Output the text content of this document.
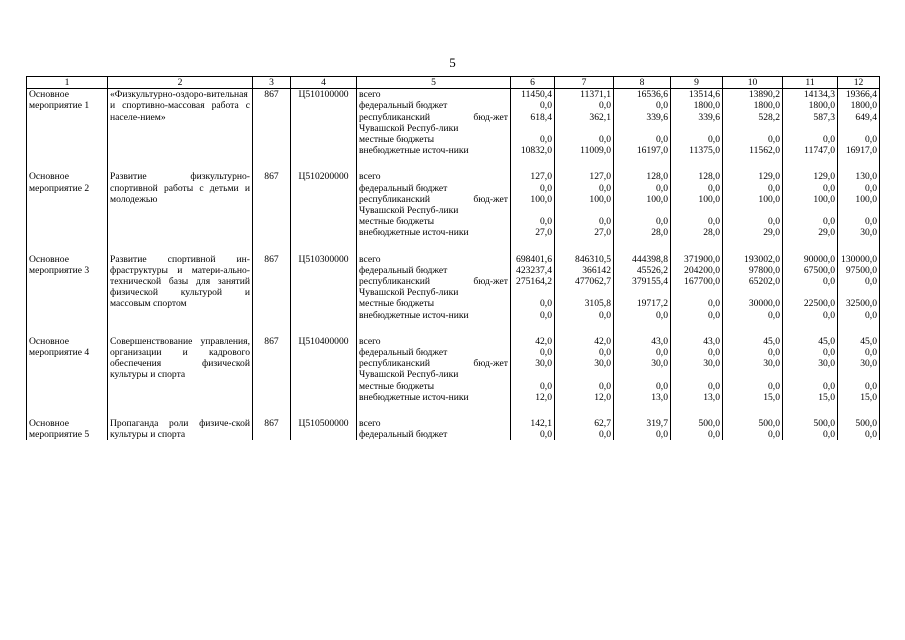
5
1	2	3	4	5	6	7	8	9	10	11	12
Основное мероприятие 1	«Физкультурно-оздоро-вительная и спортивно-массовая работа с населе-нием»	867	Ц510100000	всего	11450,4	11371,1	16536,6	13514,6	13890,2	14134,3	19366,4
				федеральный бюджет	0,0	0,0	0,0	1800,0	1800,0	1800,0	1800,0
				республиканский бюд-жет Чувашской Респуб-лики	618,4	362,1	339,6	339,6	528,2	587,3	649,4
				местные бюджеты	0,0	0,0	0,0	0,0	0,0	0,0	0,0
				внебюджетные источ-ники	10832,0	11009,0	16197,0	11375,0	11562,0	11747,0	16917,0

Основное мероприятие 2	Развитие физкультурно-спортивной работы с детьми и молодежью	867	Ц510200000	всего	127,0	127,0	128,0	128,0	129,0	129,0	130,0
				федеральный бюджет	0,0	0,0	0,0	0,0	0,0	0,0	0,0
				республиканский бюд-жет Чувашской Респуб-лики	100,0	100,0	100,0	100,0	100,0	100,0	100,0
				местные бюджеты	0,0	0,0	0,0	0,0	0,0	0,0	0,0
				внебюджетные источ-ники	27,0	27,0	28,0	28,0	29,0	29,0	30,0

Основное мероприятие 3	Развитие спортивной ин-фраструктуры и матери-ально-технической базы для занятий физической культурой и массовым спортом	867	Ц510300000	всего	698401,6	846310,5	444398,8	371900,0	193002,0	90000,0	130000,0
				федеральный бюджет	423237,4	366142	45526,2	204200,0	97800,0	67500,0	97500,0
				республиканский бюд-жет Чувашской Респуб-лики	275164,2	477062,7	379155,4	167700,0	65202,0	0,0	0,0
				местные бюджеты	0,0	3105,8	19717,2	0,0	30000,0	22500,0	32500,0
				внебюджетные источ-ники	0,0	0,0	0,0	0,0	0,0	0,0	0,0

Основное мероприятие 4	Совершенствование управления, организации и кадрового обеспечения физической культуры и спорта	867	Ц510400000	всего	42,0	42,0	43,0	43,0	45,0	45,0	45,0
				федеральный бюджет	0,0	0,0	0,0	0,0	0,0	0,0	0,0
				республиканский бюд-жет Чувашской Респуб-лики	30,0	30,0	30,0	30,0	30,0	30,0	30,0
				местные бюджеты	0,0	0,0	0,0	0,0	0,0	0,0	0,0
				внебюджетные источ-ники	12,0	12,0	13,0	13,0	15,0	15,0	15,0

Основное мероприятие 5	Пропаганда роли физиче-ской культуры и спорта	867	Ц510500000	всего	142,1	62,7	319,7	500,0	500,0	500,0	500,0
				федеральный бюджет	0,0	0,0	0,0	0,0	0,0	0,0	0,0
